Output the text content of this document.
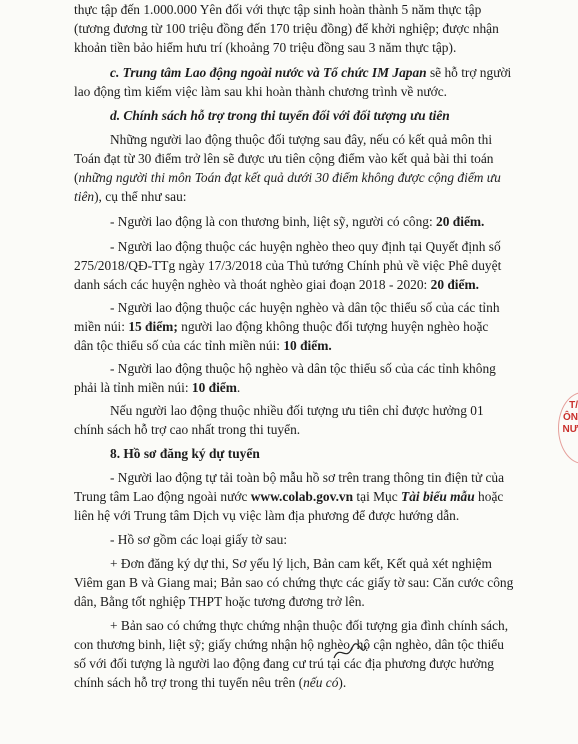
thực tập đến 1.000.000 Yên đối với thực tập sinh hoàn thành 5 năm thực tập
(tương đương từ 100 triệu đồng đến 170 triệu đồng) để khởi nghiệp; được nhận
khoản tiền bảo hiểm hưu trí (khoảng 70 triệu đồng sau 3 năm thực tập).
c. Trung tâm Lao động ngoài nước và Tổ chức IM Japan sẽ hỗ trợ người
lao động tìm kiếm việc làm sau khi hoàn thành chương trình về nước.
d. Chính sách hỗ trợ trong thi tuyển đối với đối tượng ưu tiên
Những người lao động thuộc đối tượng sau đây, nếu có kết quả môn thi
Toán đạt từ 30 điểm trở lên sẽ được ưu tiên cộng điểm vào kết quả bài thi toán
(những người thi môn Toán đạt kết quả dưới 30 điểm không được cộng điểm ưu
tiên), cụ thể như sau:
- Người lao động là con thương binh, liệt sỹ, người có công: 20 điểm.
- Người lao động thuộc các huyện nghèo theo quy định tại Quyết định số
275/2018/QĐ-TTg ngày 17/3/2018 của Thủ tướng Chính phủ về việc Phê duyệt
danh sách các huyện nghèo và thoát nghèo giai đoạn 2018 - 2020: 20 điểm.
- Người lao động thuộc các huyện nghèo và dân tộc thiểu số của các tỉnh
miền núi: 15 điểm; người lao động không thuộc đối tượng huyện nghèo hoặc
dân tộc thiểu số của các tỉnh miền núi: 10 điểm.
- Người lao động thuộc hộ nghèo và dân tộc thiểu số của các tỉnh không
phải là tỉnh miền núi: 10 điểm.
Nếu người lao động thuộc nhiều đối tượng ưu tiên chỉ được hưởng 01
chính sách hỗ trợ cao nhất trong thi tuyển.
8. Hồ sơ đăng ký dự tuyển
- Người lao động tự tải toàn bộ mẫu hồ sơ trên trang thông tin điện tử của
Trung tâm Lao động ngoài nước www.colab.gov.vn tại Mục Tài biểu mẫu hoặc
liên hệ với Trung tâm Dịch vụ việc làm địa phương để được hướng dẫn.
- Hồ sơ gồm các loại giấy tờ sau:
+ Đơn đăng ký dự thi, Sơ yếu lý lịch, Bản cam kết, Kết quả xét nghiệm
Viêm gan B và Giang mai; Bản sao có chứng thực các giấy tờ sau: Căn cước công
dân, Bằng tốt nghiệp THPT hoặc tương đương trở lên.
+ Bản sao có chứng thực chứng nhận thuộc đối tượng gia đình chính sách,
con thương binh, liệt sỹ; giấy chứng nhận hộ nghèo, hộ cận nghèo, dân tộc thiểu
số với đối tượng là người lao động đang cư trú tại các địa phương được hưởng
chính sách hỗ trợ trong thi tuyển nêu trên (nếu có).
T/
ÔN
NƯ
